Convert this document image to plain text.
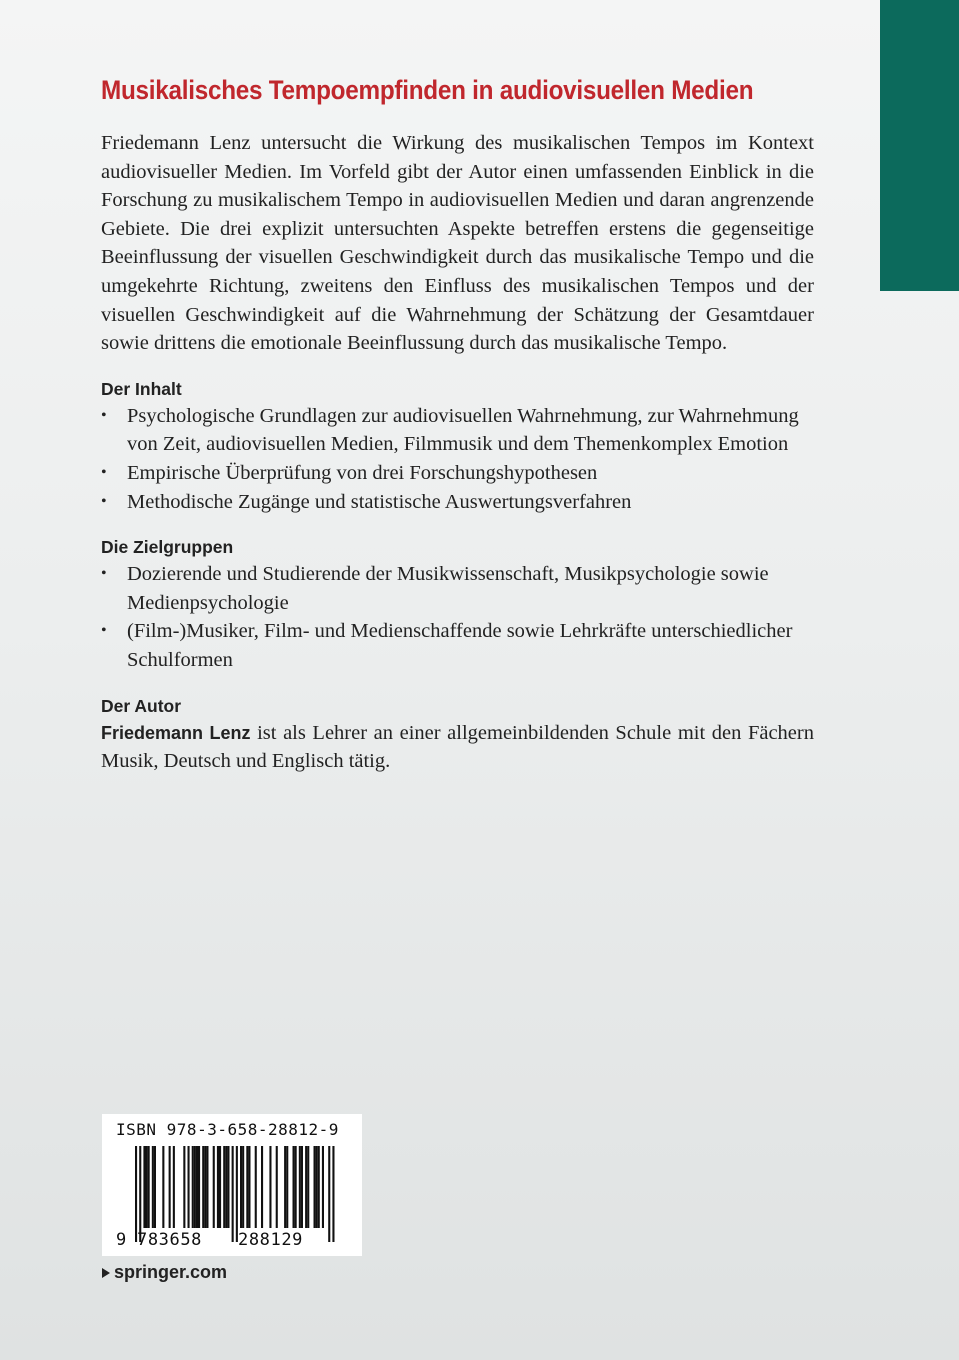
Musikalisches Tempoempfinden in audiovisuellen Medien

Friedemann Lenz untersucht die Wirkung des musikalischen Tempos im Kontext audiovisueller Medien. Im Vorfeld gibt der Autor einen umfassenden Einblick in die Forschung zu musikalischem Tempo in audiovisuellen Medien und daran angrenzende Gebiete. Die drei explizit untersuchten Aspekte betreffen erstens die gegenseitige Beeinflussung der visuellen Geschwindigkeit durch das musikalische Tempo und die umgekehrte Richtung, zweitens den Einfluss des musikalischen Tempos und der visuellen Geschwindigkeit auf die Wahrnehmung der Schätzung der Gesamtdauer sowie drittens die emotionale Beeinflussung durch das musikalische Tempo.

Der Inhalt
• Psychologische Grundlagen zur audiovisuellen Wahrnehmung, zur Wahrnehmung von Zeit, audiovisuellen Medien, Filmmusik und dem Themenkomplex Emotion
• Empirische Überprüfung von drei Forschungshypothesen
• Methodische Zugänge und statistische Auswertungsverfahren
Die Zielgruppen
• Dozierende und Studierende der Musikwissenschaft, Musikpsychologie sowie Medienpsychologie
• (Film-)Musiker, Film- und Medienschaffende sowie Lehrkräfte unterschiedlicher Schulformen
Der Autor

Friedemann Lenz ist als Lehrer an einer allgemeinbildenden Schule mit den Fächern Musik, Deutsch und Englisch tätig.

ISBN 978-3-658-28812-9
9 783658 288129
springer.com
